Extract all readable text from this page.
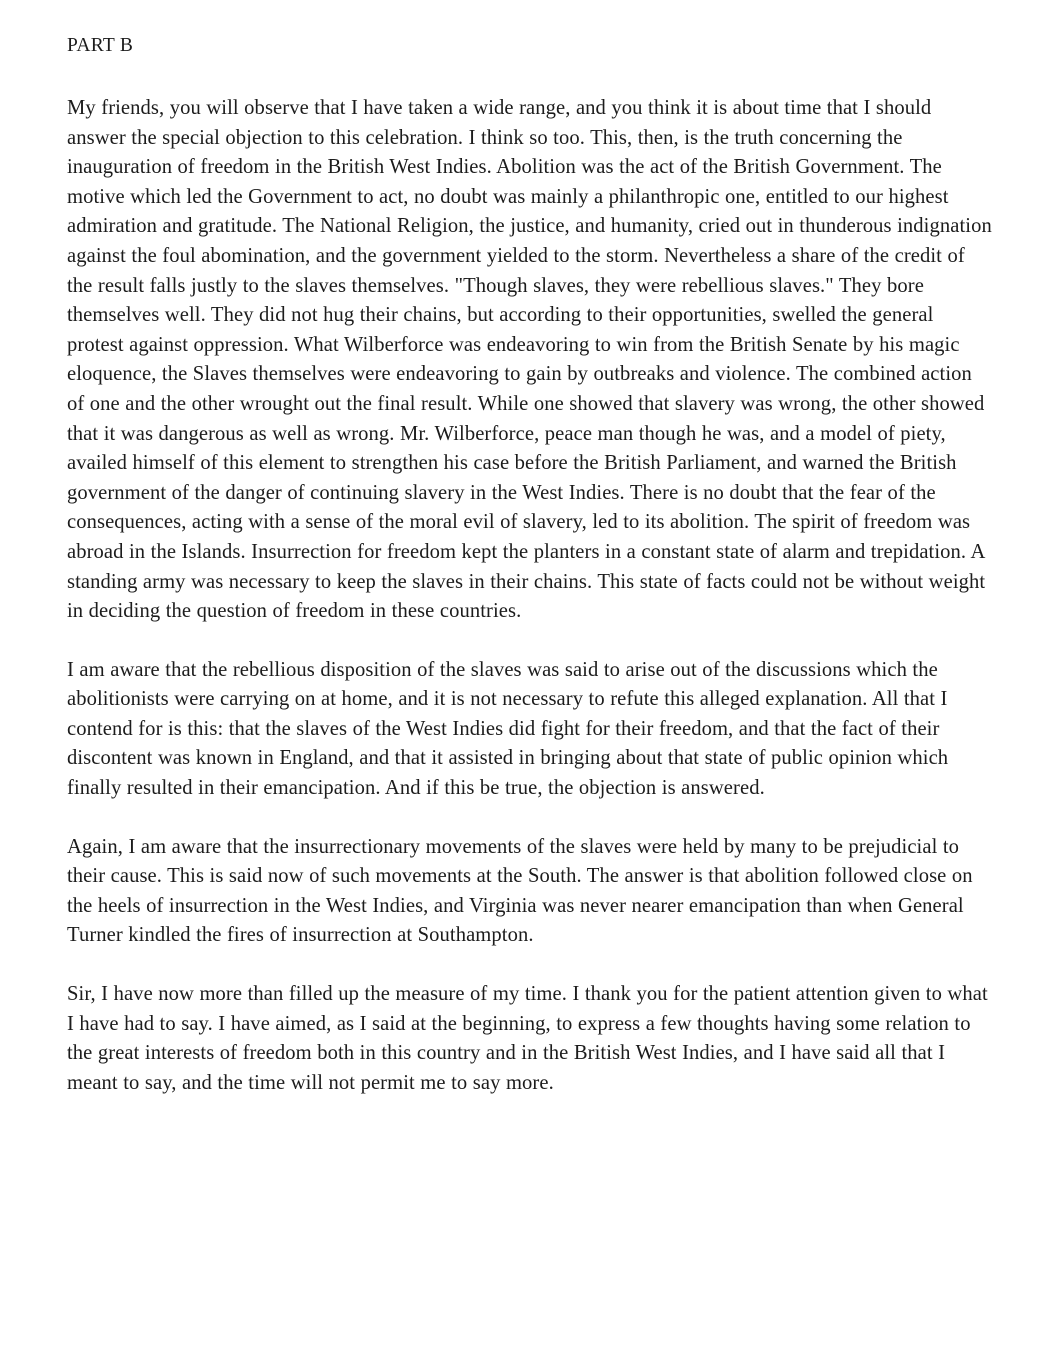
PART B

My friends, you will observe that I have taken a wide range, and you think it is about time that I should answer the special objection to this celebration. I think so too. This, then, is the truth concerning the inauguration of freedom in the British West Indies. Abolition was the act of the British Government. The motive which led the Government to act, no doubt was mainly a philanthropic one, entitled to our highest admiration and gratitude. The National Religion, the justice, and humanity, cried out in thunderous indignation against the foul abomination, and the government yielded to the storm. Nevertheless a share of the credit of the result falls justly to the slaves themselves. "Though slaves, they were rebellious slaves." They bore themselves well. They did not hug their chains, but according to their opportunities, swelled the general protest against oppression. What Wilberforce was endeavoring to win from the British Senate by his magic eloquence, the Slaves themselves were endeavoring to gain by outbreaks and violence. The combined action of one and the other wrought out the final result. While one showed that slavery was wrong, the other showed that it was dangerous as well as wrong. Mr. Wilberforce, peace man though he was, and a model of piety, availed himself of this element to strengthen his case before the British Parliament, and warned the British government of the danger of continuing slavery in the West Indies. There is no doubt that the fear of the consequences, acting with a sense of the moral evil of slavery, led to its abolition. The spirit of freedom was abroad in the Islands. Insurrection for freedom kept the planters in a constant state of alarm and trepidation. A standing army was necessary to keep the slaves in their chains. This state of facts could not be without weight in deciding the question of freedom in these countries.

I am aware that the rebellious disposition of the slaves was said to arise out of the discussions which the abolitionists were carrying on at home, and it is not necessary to refute this alleged explanation. All that I contend for is this: that the slaves of the West Indies did fight for their freedom, and that the fact of their discontent was known in England, and that it assisted in bringing about that state of public opinion which finally resulted in their emancipation. And if this be true, the objection is answered.

Again, I am aware that the insurrectionary movements of the slaves were held by many to be prejudicial to their cause. This is said now of such movements at the South. The answer is that abolition followed close on the heels of insurrection in the West Indies, and Virginia was never nearer emancipation than when General Turner kindled the fires of insurrection at Southampton.

Sir, I have now more than filled up the measure of my time. I thank you for the patient attention given to what I have had to say. I have aimed, as I said at the beginning, to express a few thoughts having some relation to the great interests of freedom both in this country and in the British West Indies, and I have said all that I meant to say, and the time will not permit me to say more.
